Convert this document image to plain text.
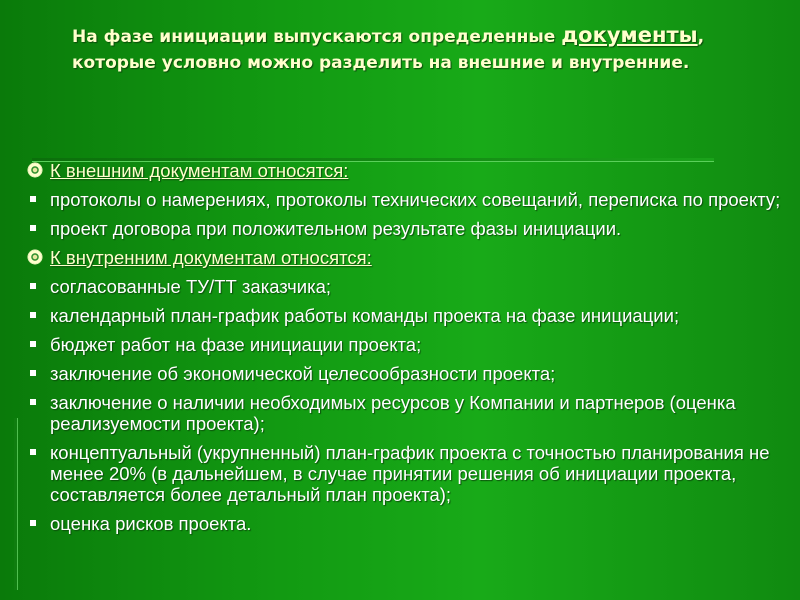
На фазе инициации выпускаются определенные документы, которые условно можно разделить на внешние и внутренние.
К внешним документам относятся:
протоколы о намерениях, протоколы технических совещаний, переписка по проекту;
проект договора при положительном результате фазы инициации.
К внутренним документам относятся:
согласованные ТУ/ТТ заказчика;
календарный план-график работы команды проекта на фазе инициации;
бюджет работ на фазе инициации проекта;
заключение об экономической целесообразности проекта;
заключение о наличии необходимых ресурсов у Компании и партнеров (оценка реализуемости проекта);
концептуальный (укрупненный) план-график проекта с точностью планирования не менее 20% (в дальнейшем, в случае принятии решения об инициации проекта, составляется более детальный план проекта);
оценка рисков проекта.
